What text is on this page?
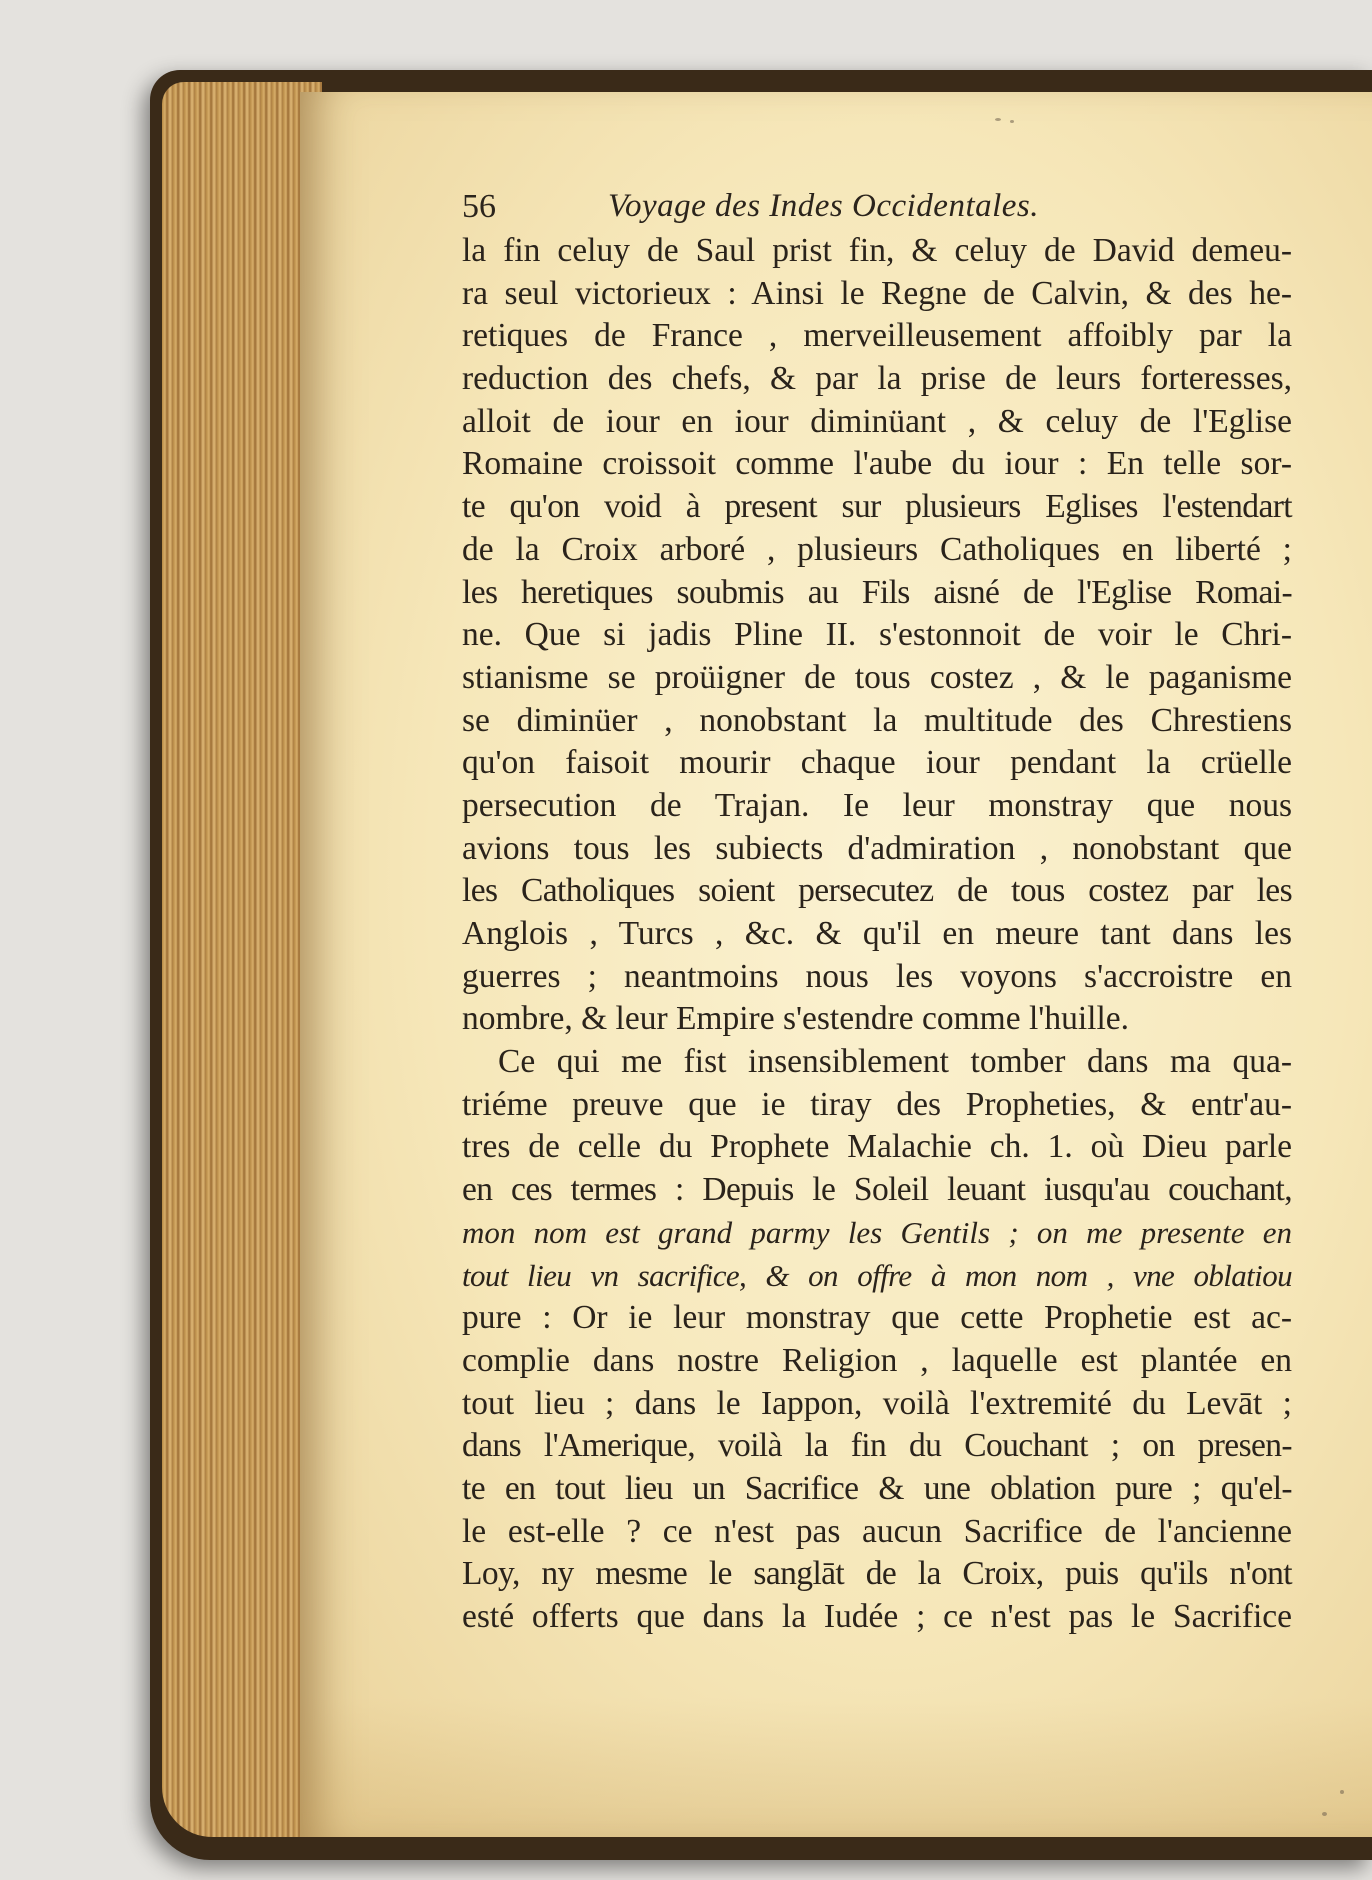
56	Voyage des Indes Occidentales.
la fin celuy de Saul prist fin, & celuy de David demeu-
ra seul victorieux : Ainsi le Regne de Calvin, & des he-
retiques de France , merveilleusement affoibly par la
reduction des chefs, & par la prise de leurs forteresses,
alloit de iour en iour diminüant , & celuy de l'Eglise
Romaine croissoit comme l'aube du iour : En telle sor-
te qu'on void à present sur plusieurs Eglises l'estendart
de la Croix arboré , plusieurs Catholiques en liberté ;
les heretiques soubmis au Fils aisné de l'Eglise Romai-
ne. Que si jadis Pline II. s'estonnoit de voir le Chri-
stianisme se proüigner de tous costez , & le paganisme
se diminüer , nonobstant la multitude des Chrestiens
qu'on faisoit mourir chaque iour pendant la crüelle
persecution de Trajan. Ie leur monstray que nous
avions tous les subiects d'admiration , nonobstant que
les Catholiques soient persecutez de tous costez par les
Anglois , Turcs , &c. & qu'il en meure tant dans les
guerres ; neantmoins nous les voyons s'accroistre en
nombre, & leur Empire s'estendre comme l'huille.
Ce qui me fist insensiblement tomber dans ma qua-
triéme preuve que ie tiray des Propheties, & entr'au-
tres de celle du Prophete Malachie ch. 1. où Dieu parle
en ces termes : Depuis le Soleil leuant iusqu'au couchant,
mon nom est grand parmy les Gentils ; on me presente en
tout lieu vn sacrifice, & on offre à mon nom , vne oblatiou
pure : Or ie leur monstray que cette Prophetie est ac-
complie dans nostre Religion , laquelle est plantée en
tout lieu ; dans le Iappon, voilà l'extremité du Levāt ;
dans l'Amerique, voilà la fin du Couchant ; on presen-
te en tout lieu un Sacrifice & une oblation pure ; qu'el-
le est-elle ? ce n'est pas aucun Sacrifice de l'ancienne
Loy, ny mesme le sanglāt de la Croix, puis qu'ils n'ont
esté offerts que dans la Iudée ; ce n'est pas le Sacrifice
